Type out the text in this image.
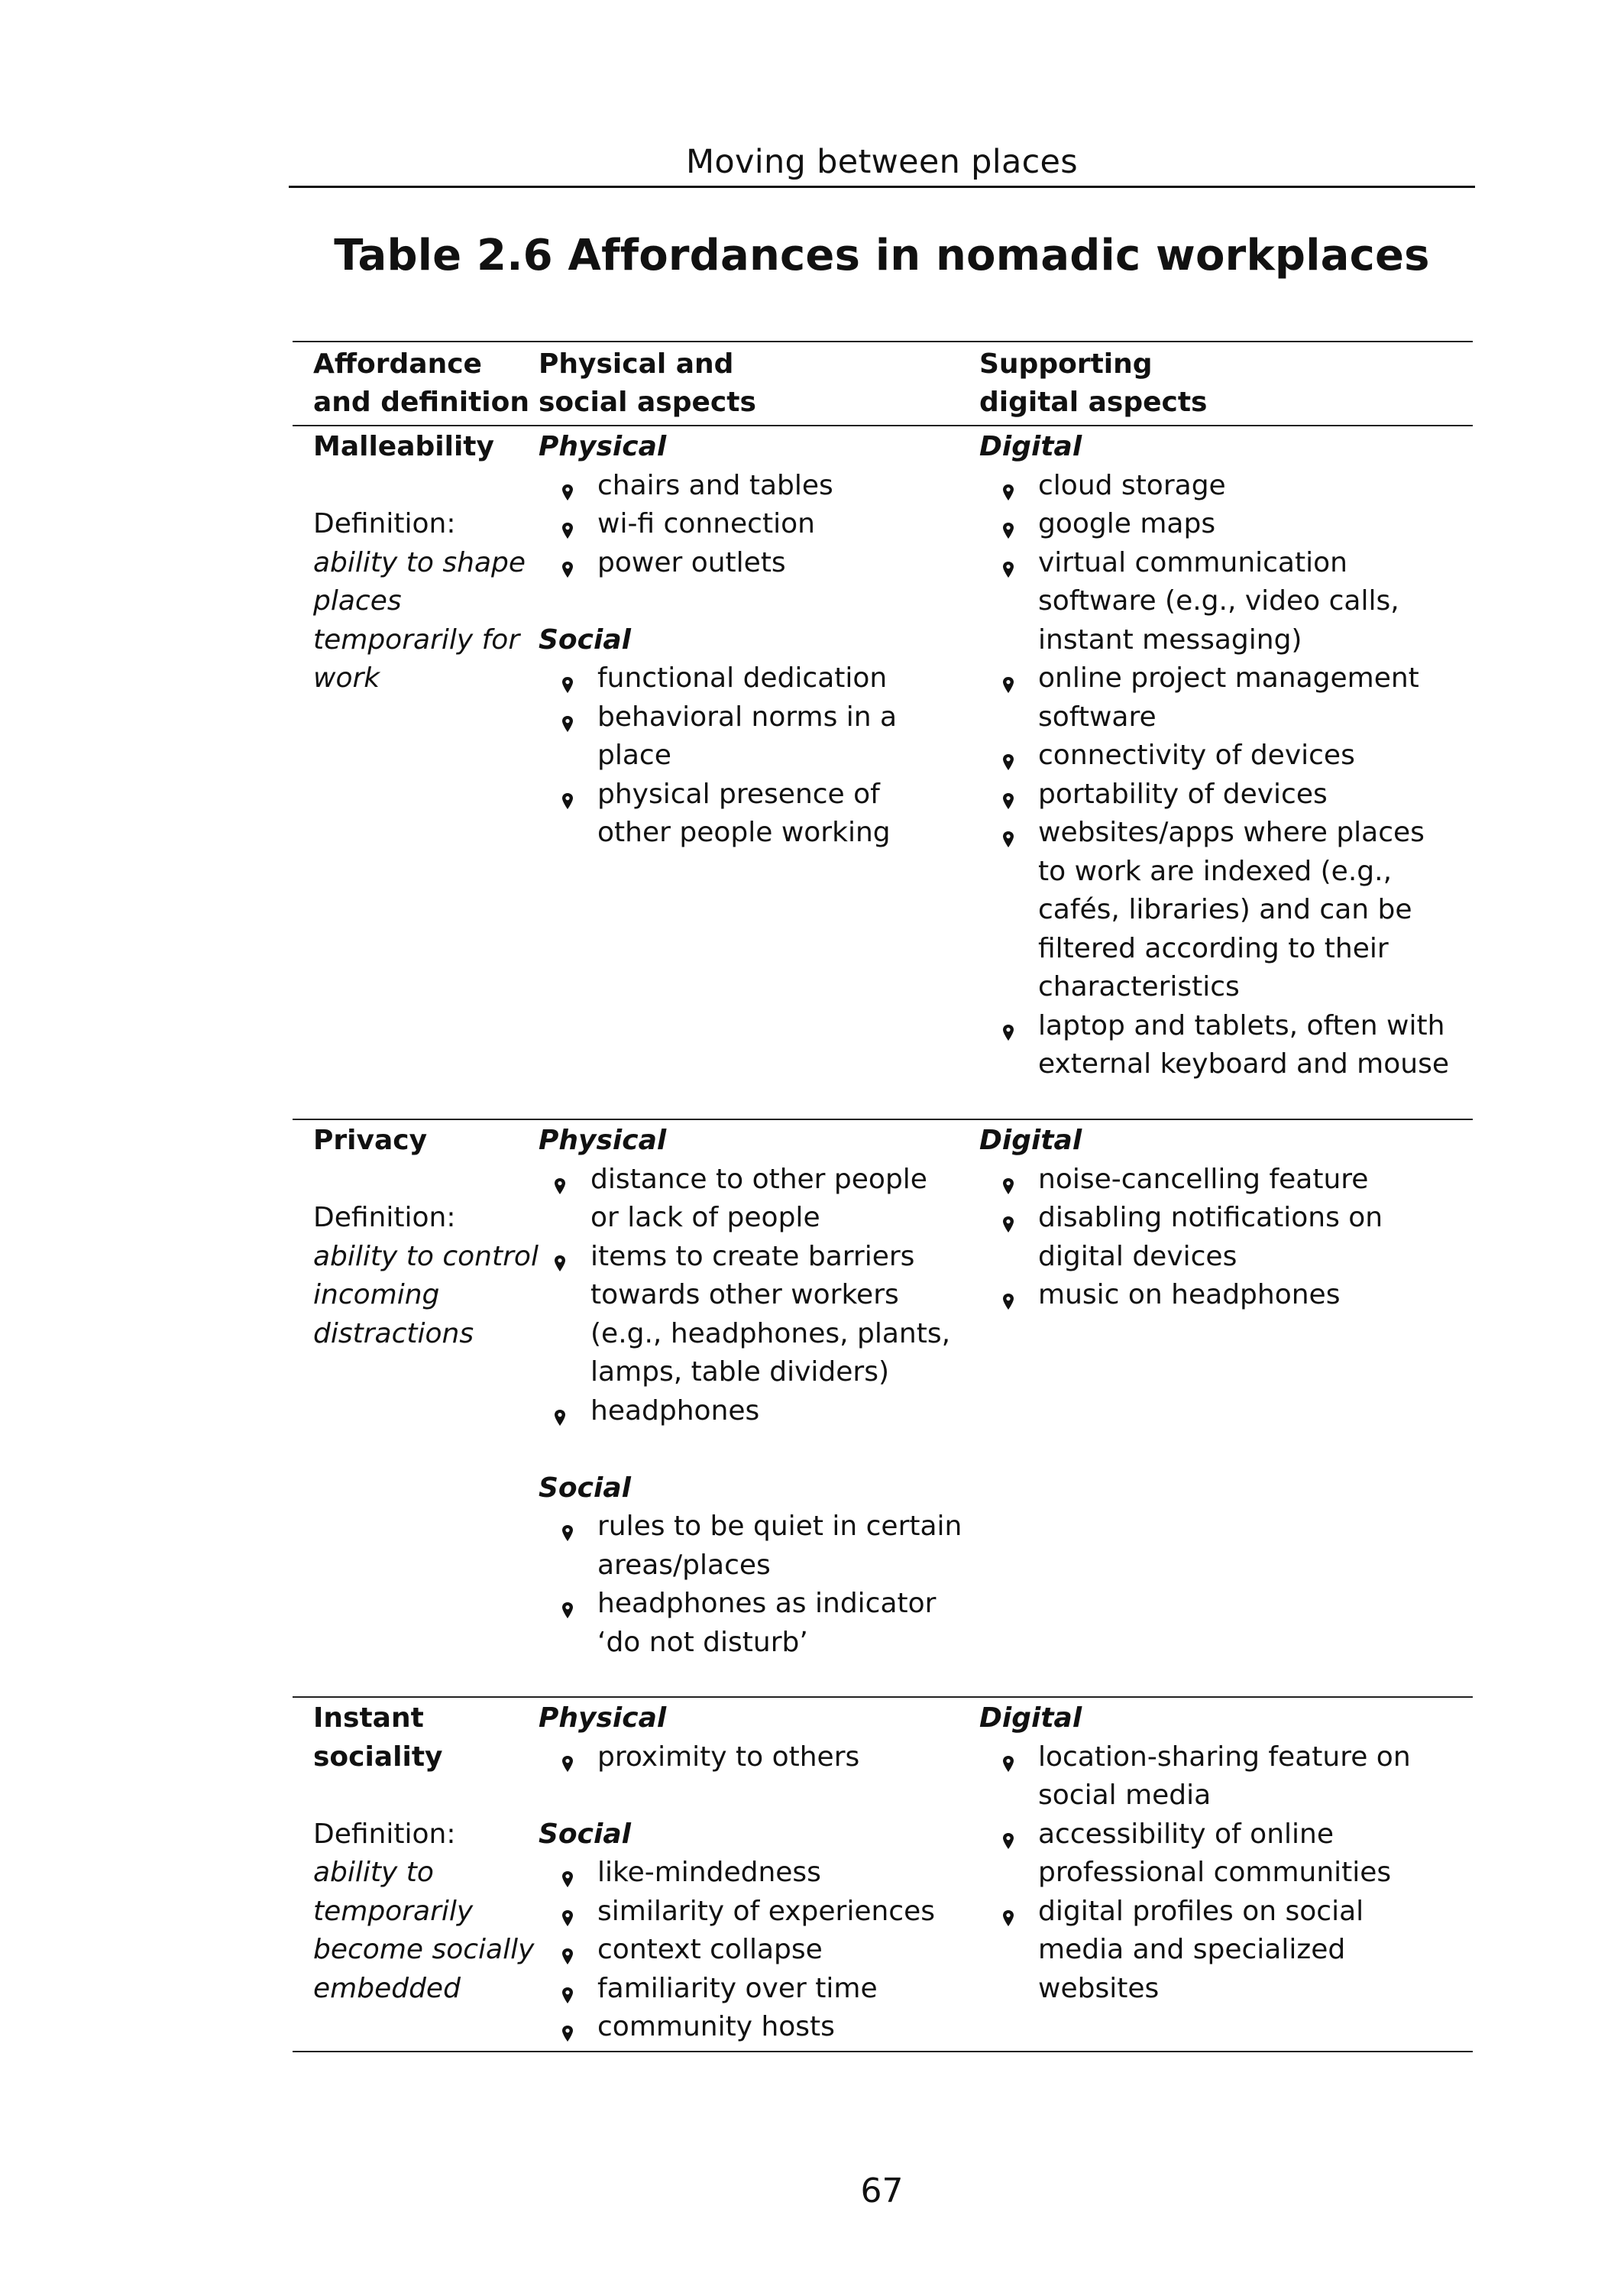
Moving between places
Table 2.6 Affordances in nomadic workplaces
Affordance
and definition
Physical and
social aspects
Supporting
digital aspects
Malleability
Definition:
ability to shape
places
temporarily for
work
Physical
chairs and tables
wi-fi connection
power outlets
Social
functional dedication
behavioral norms in a
place
physical presence of
other people working
Digital
cloud storage
google maps
virtual communication
software (e.g., video calls,
instant messaging)
online project management
software
connectivity of devices
portability of devices
websites/apps where places
to work are indexed (e.g.,
cafés, libraries) and can be
filtered according to their
characteristics
laptop and tablets, often with
external keyboard and mouse
Privacy
Definition:
ability to control
incoming
distractions
Physical
distance to other people
or lack of people
items to create barriers
towards other workers
(e.g., headphones, plants,
lamps, table dividers)
headphones
Social
rules to be quiet in certain
areas/places
headphones as indicator
‘do not disturb’
Digital
noise-cancelling feature
disabling notifications on
digital devices
music on headphones
Instant
sociality
Definition:
ability to
temporarily
become socially
embedded
Physical
proximity to others
Social
like-mindedness
similarity of experiences
context collapse
familiarity over time
community hosts
Digital
location-sharing feature on
social media
accessibility of online
professional communities
digital profiles on social
media and specialized
websites
67
